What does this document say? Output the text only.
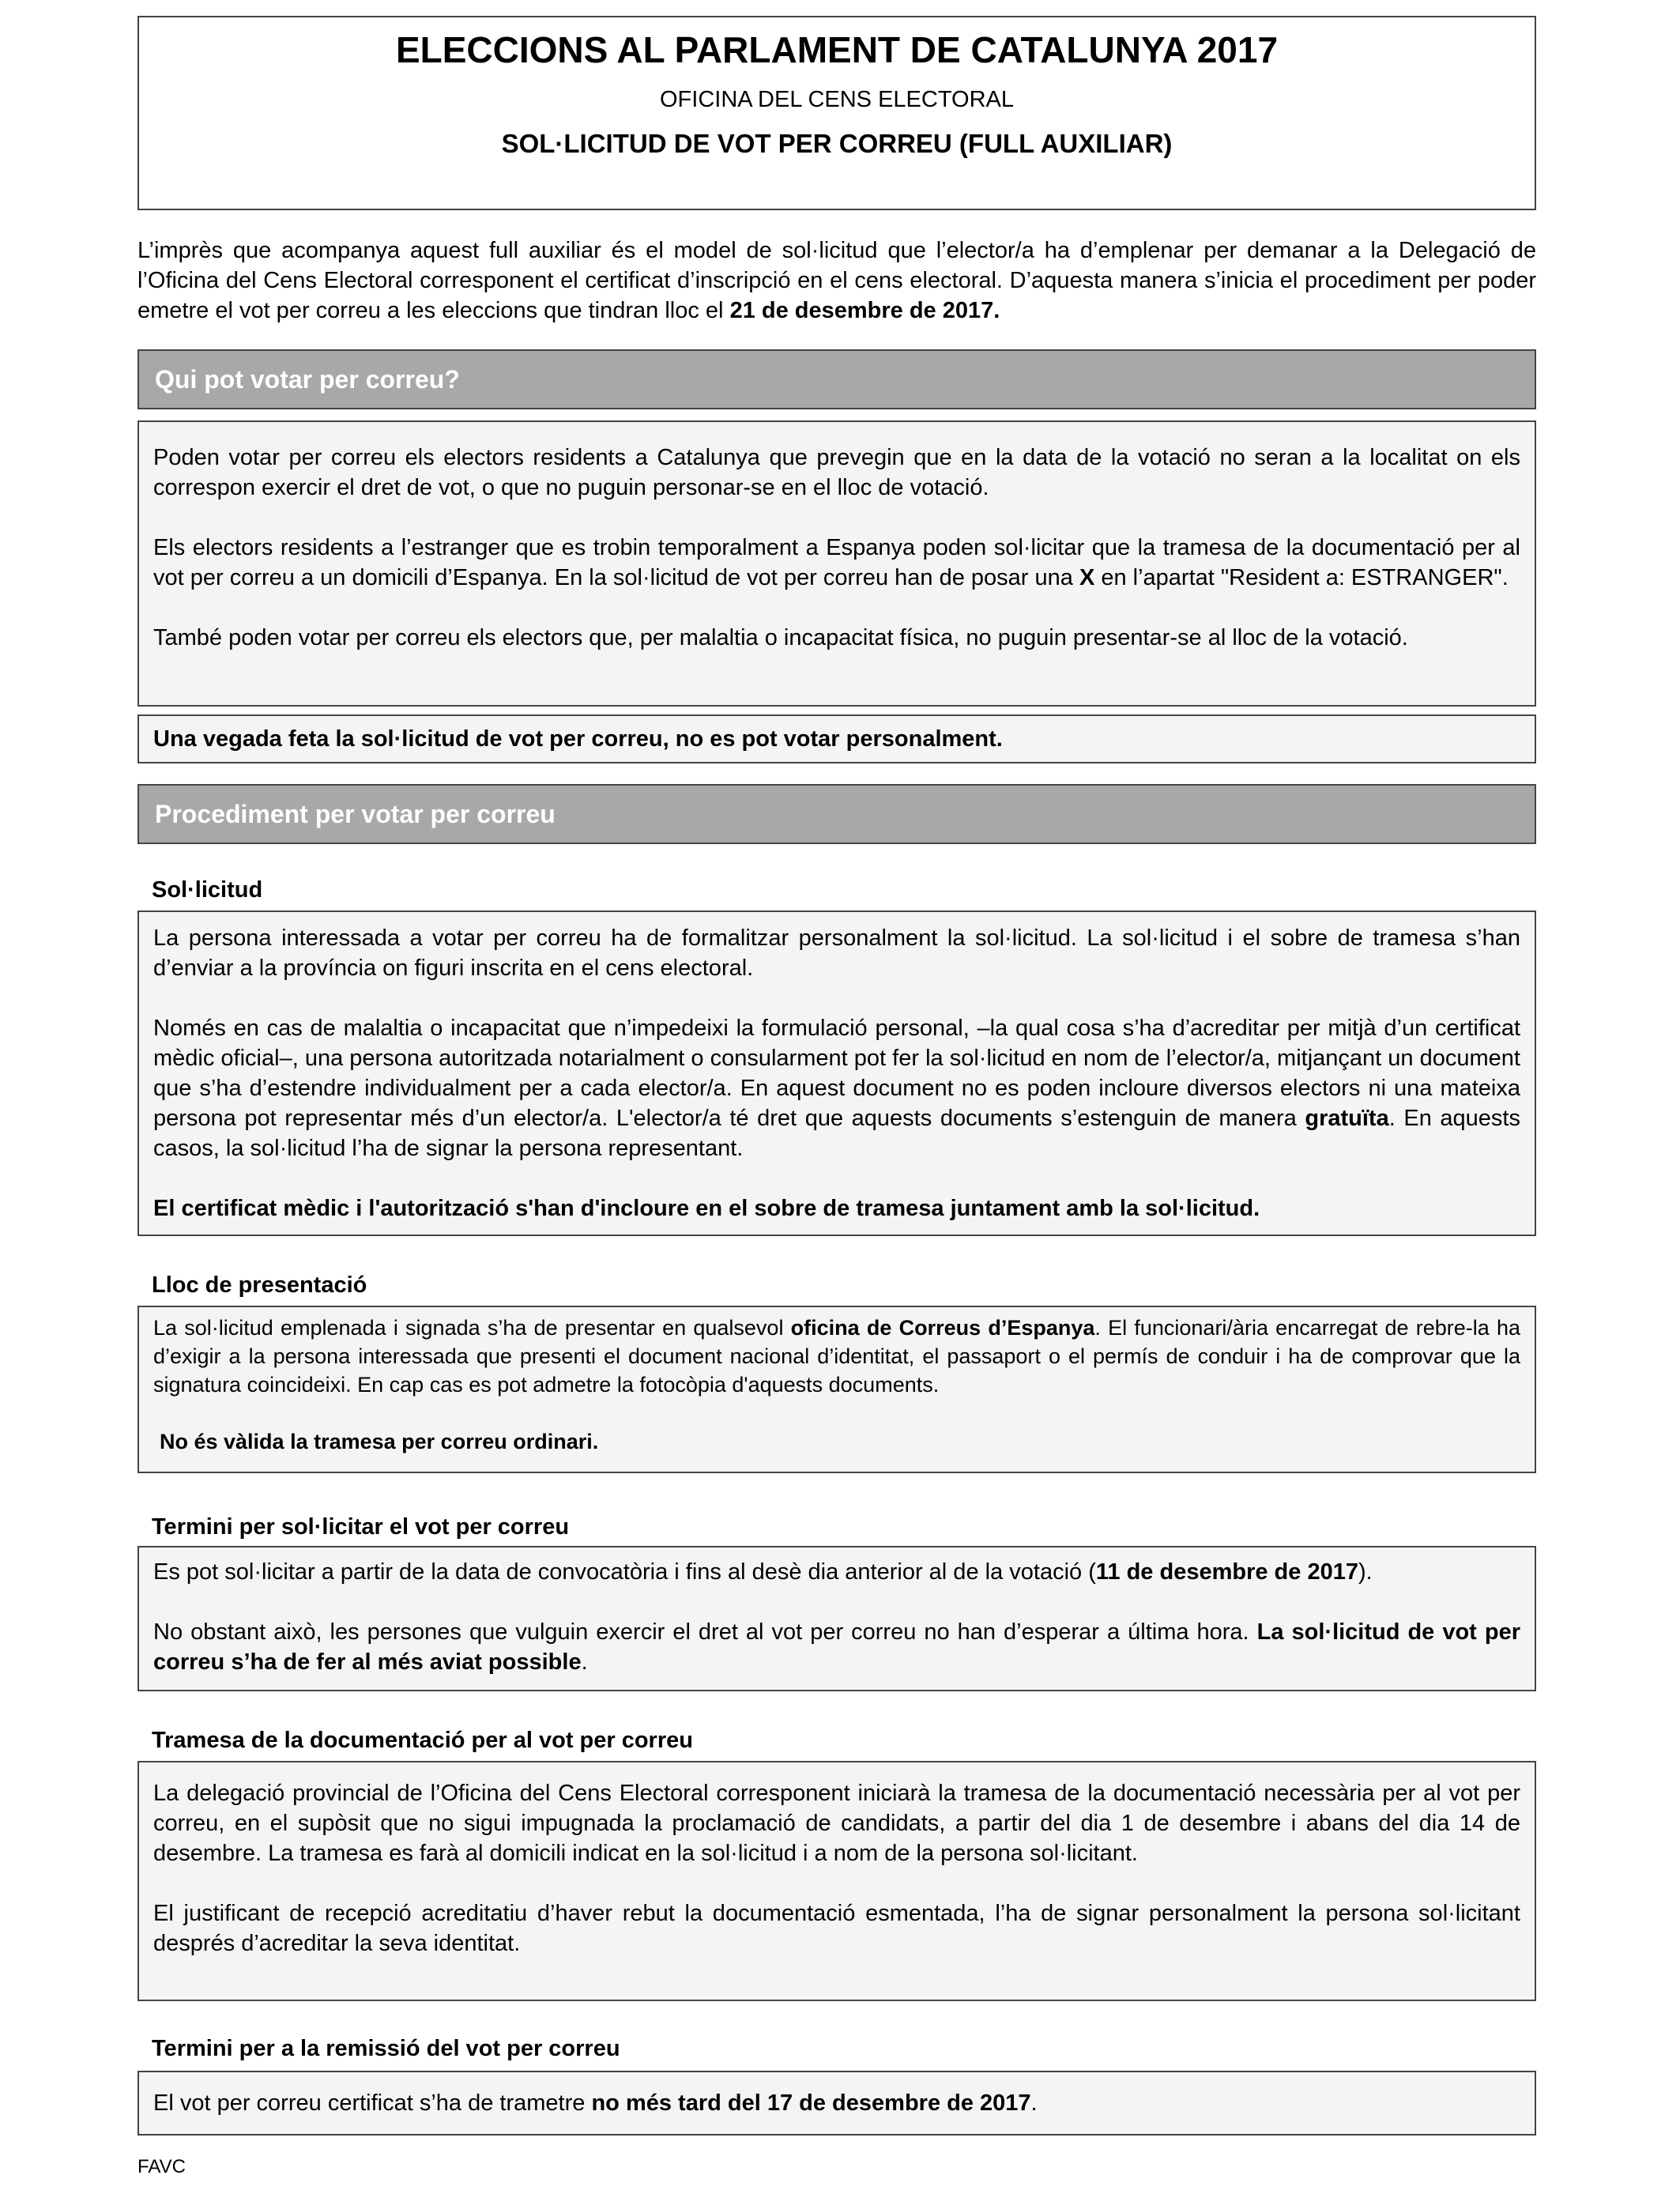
ELECCIONS AL PARLAMENT DE CATALUNYA 2017
OFICINA DEL CENS ELECTORAL
SOL·LICITUD DE VOT PER CORREU (FULL AUXILIAR)
L’imprès que acompanya aquest full auxiliar és el model de sol·licitud que l’elector/a ha d’emplenar per demanar a la Delegació de l’Oficina del Cens Electoral corresponent el certificat d’inscripció en el cens electoral. D’aquesta manera s’inicia el procediment per poder emetre el vot per correu a les eleccions que tindran lloc el 21 de desembre de 2017.
Qui pot votar per correu?

Poden votar per correu els electors residents a Catalunya que prevegin que en la data de la votació no seran a la localitat on els correspon exercir el dret de vot, o que no puguin personar-se en el lloc de votació.

Els electors residents a l’estranger que es trobin temporalment a Espanya poden sol·licitar que la tramesa de la documentació per al vot per correu a un domicili d’Espanya. En la sol·licitud de vot per correu han de posar una X en l’apartat "Resident a: ESTRANGER".

També poden votar per correu els electors que, per malaltia o incapacitat física, no puguin presentar-se al lloc de la votació.

Una vegada feta la sol·licitud de vot per correu, no es pot votar personalment.
Procediment per votar per correu
Sol·licitud

La persona interessada a votar per correu ha de formalitzar personalment la sol·licitud. La sol·licitud i el sobre de tramesa s’han d’enviar a la província on figuri inscrita en el cens electoral.

Només en cas de malaltia o incapacitat que n’impedeixi la formulació personal, –la qual cosa s’ha d’acreditar per mitjà d’un certificat mèdic oficial–, una persona autoritzada notarialment o consularment pot fer la sol·licitud en nom de l’elector/a, mitjançant un document que s’ha d’estendre individualment per a cada elector/a. En aquest document no es poden incloure diversos electors ni una mateixa persona pot representar més d’un elector/a. L'elector/a té dret que aquests documents s’estenguin de manera gratuïta. En aquests casos, la sol·licitud l’ha de signar la persona representant.

El certificat mèdic i l'autorització s'han d'incloure en el sobre de tramesa juntament amb la sol·licitud.

Lloc de presentació

La sol·licitud emplenada i signada s’ha de presentar en qualsevol oficina de Correus d’Espanya. El funcionari/ària encarregat de rebre-la ha d’exigir a la persona interessada que presenti el document nacional d’identitat, el passaport o el permís de conduir i ha de comprovar que la signatura coincideixi. En cap cas es pot admetre la fotocòpia d'aquests documents.

No és vàlida la tramesa per correu ordinari.

Termini per sol·licitar el vot per correu

Es pot sol·licitar a partir de la data de convocatòria i fins al desè dia anterior al de la votació (11 de desembre de 2017).

No obstant això, les persones que vulguin exercir el dret al vot per correu no han d’esperar a última hora. La sol·licitud de vot per correu s’ha de fer al més aviat possible.

Tramesa de la documentació per al vot per correu

La delegació provincial de l’Oficina del Cens Electoral corresponent iniciarà la tramesa de la documentació necessària per al vot per correu, en el supòsit que no sigui impugnada la proclamació de candidats, a partir del dia 1 de desembre i abans del dia 14 de desembre. La tramesa es farà al domicili indicat en la sol·licitud i a nom de la persona sol·licitant.

El justificant de recepció acreditatiu d’haver rebut la documentació esmentada, l’ha de signar personalment la persona sol·licitant després d’acreditar la seva identitat.

Termini per a la remissió del vot per correu

El vot per correu certificat s’ha de trametre no més tard del 17 de desembre de 2017.

FAVC
